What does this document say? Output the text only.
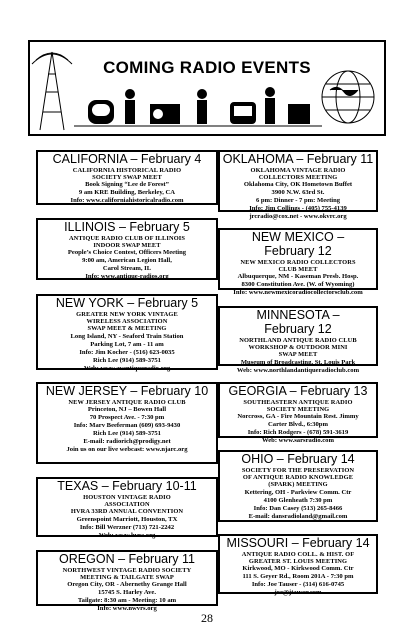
COMING RADIO EVENTS
CALIFORNIA – February 4
CALIFORNIA HISTORICAL RADIO
SOCIETY SWAP MEET
Book Signing “Lee de Forest”
9 am KRE Building, Berkeley, CA
Info: www.californiahistoricalradio.com
ILLINOIS – February 5
ANTIQUE RADIO CLUB OF ILLINOIS
INDOOR SWAP MEET
People’s Choice Contest, Officers Meeting
9:00 am, American Legion Hall,
Carol Stream, IL
Info: www.antique-radios.org
NEW YORK – February 5
GREATER NEW YORK VINTAGE
WIRELESS ASSOCIATION
SWAP MEET & MEETING
Long Island, NY - Seaford Train Station
Parking Lot, 7 am - 11 am
Info: Jim Kocher - (516) 623-0035
Rich Lee (914) 589-3751
Web: www.avantiqueradio.org
NEW JERSEY – February 10
NEW JERSEY ANTIQUE RADIO CLUB
Princeton, NJ – Bowen Hall
70 Prospect Ave. - 7:30 pm
Info: Marv Beeferman (609) 693-9430
Rich Lee (914) 589-3751
E-mail: radiorich@prodigy.net
Join us on our live webcast: www.njarc.org
TEXAS – February 10-11
HOUSTON VINTAGE RADIO
ASSOCIATION
HVRA 33RD ANNUAL CONVENTION
Greenspoint Marriott, Houston, TX
Info: Bill Werzner (713) 721-2242
Web: www.hvra.org
OREGON – February 11
NORTHWEST VINTAGE RADIO SOCIETY
MEETING & TAILGATE SWAP
Oregon City, OR - Abernethy Grange Hall
15745 S. Harley Ave.
Tailgate: 8:30 am - Meeting: 10 am
Info: www.nwvrs.org
OKLAHOMA – February 11
OKLAHOMA VINTAGE RADIO
COLLECTORS MEETING
Oklahoma City, OK Hometown Buffet
3900 N.W. 63rd St.
6 pm: Dinner - 7 pm: Meeting
Info: Jim Collings - (405) 755-4139
jrcradio@cox.net - www.okvrc.org
NEW MEXICO –
February 12
NEW MEXICO RADIO COLLECTORS
CLUB MEET
Albuquerque, NM - Kaseman Presb. Hosp.
8300 Constitution Ave. (W. of Wyoming)
Info: www.newmexicoradiocollectorsclub.com
MINNESOTA –
February 12
NORTHLAND ANTIQUE RADIO CLUB
WORKSHOP & OUTDOOR MINI
SWAP MEET
Museum of Broadcasting, St. Louis Park
Web: www.northlandantiqueradioclub.com
GEORGIA – February 13
SOUTHEASTERN ANTIQUE RADIO
SOCIETY MEETING
Norcross, GA - Fire Mountain Rest. Jimmy
Carter Blvd., 6:30pm
Info: Rich Rodgers - (678) 591-3619
Web: www.sarsradio.com
OHIO – February 14
SOCIETY FOR THE PRESERVATION
OF ANTIQUE RADIO KNOWLEDGE
(SPARK) MEETING
Kettering, OH - Parkview Comm. Ctr
4100 Glenheath 7:30 pm
Info: Dan Casey (513) 265-8466
E-mail: dansradioland@gmail.com
MISSOURI – February 14
ANTIQUE RADIO COLL. & HIST. OF
GREATER ST. LOUIS MEETING
Kirkwood, MO - Kirkwood Comm. Ctr
111 S. Geyer Rd., Room 201A - 7:30 pm
Info: Joe Tauser - (314) 616-0745
joe@jtauser.com
28
